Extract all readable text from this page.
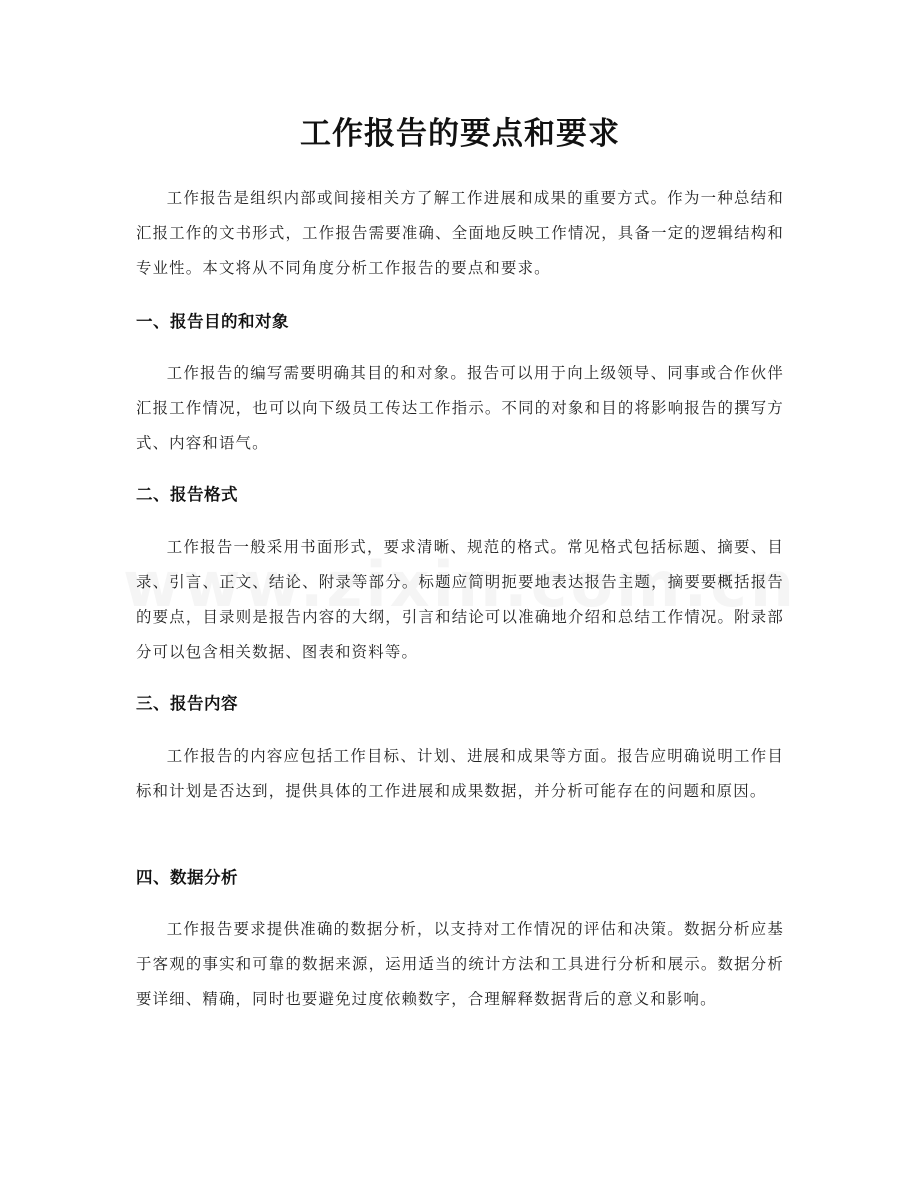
工作报告的要点和要求

工作报告是组织内部或间接相关方了解工作进展和成果的重要方式。作为一种总结和汇报工作的文书形式，工作报告需要准确、全面地反映工作情况，具备一定的逻辑结构和专业性。本文将从不同角度分析工作报告的要点和要求。

一、报告目的和对象

工作报告的编写需要明确其目的和对象。报告可以用于向上级领导、同事或合作伙伴汇报工作情况，也可以向下级员工传达工作指示。不同的对象和目的将影响报告的撰写方式、内容和语气。

二、报告格式

工作报告一般采用书面形式，要求清晰、规范的格式。常见格式包括标题、摘要、目录、引言、正文、结论、附录等部分。标题应简明扼要地表达报告主题，摘要要概括报告的要点，目录则是报告内容的大纲，引言和结论可以准确地介绍和总结工作情况。附录部分可以包含相关数据、图表和资料等。

三、报告内容

工作报告的内容应包括工作目标、计划、进展和成果等方面。报告应明确说明工作目标和计划是否达到，提供具体的工作进展和成果数据，并分析可能存在的问题和原因。

四、数据分析

工作报告要求提供准确的数据分析，以支持对工作情况的评估和决策。数据分析应基于客观的事实和可靠的数据来源，运用适当的统计方法和工具进行分析和展示。数据分析要详细、精确，同时也要避免过度依赖数字，合理解释数据背后的意义和影响。
